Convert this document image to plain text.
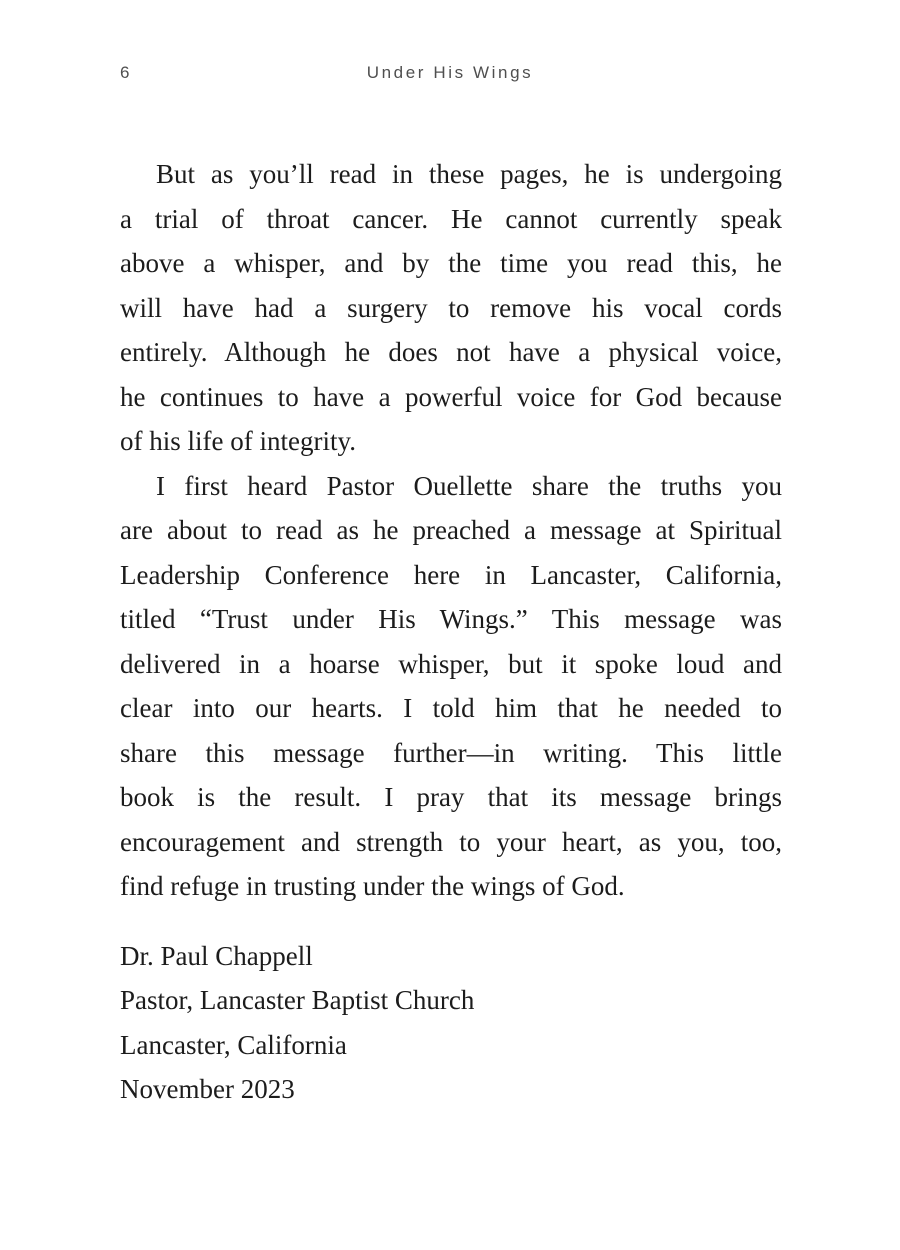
6	Under His Wings
But as you’ll read in these pages, he is undergoing
a trial of throat cancer. He cannot currently speak
above a whisper, and by the time you read this, he
will have had a surgery to remove his vocal cords
entirely. Although he does not have a physical voice,
he continues to have a powerful voice for God because
of his life of integrity.
I first heard Pastor Ouellette share the truths you
are about to read as he preached a message at Spiritual
Leadership Conference here in Lancaster, California,
titled “Trust under His Wings.” This message was
delivered in a hoarse whisper, but it spoke loud and
clear into our hearts. I told him that he needed to
share this message further—in writing. This little
book is the result. I pray that its message brings
encouragement and strength to your heart, as you, too,
find refuge in trusting under the wings of God.
Dr. Paul Chappell
Pastor, Lancaster Baptist Church
Lancaster, California
November 2023
